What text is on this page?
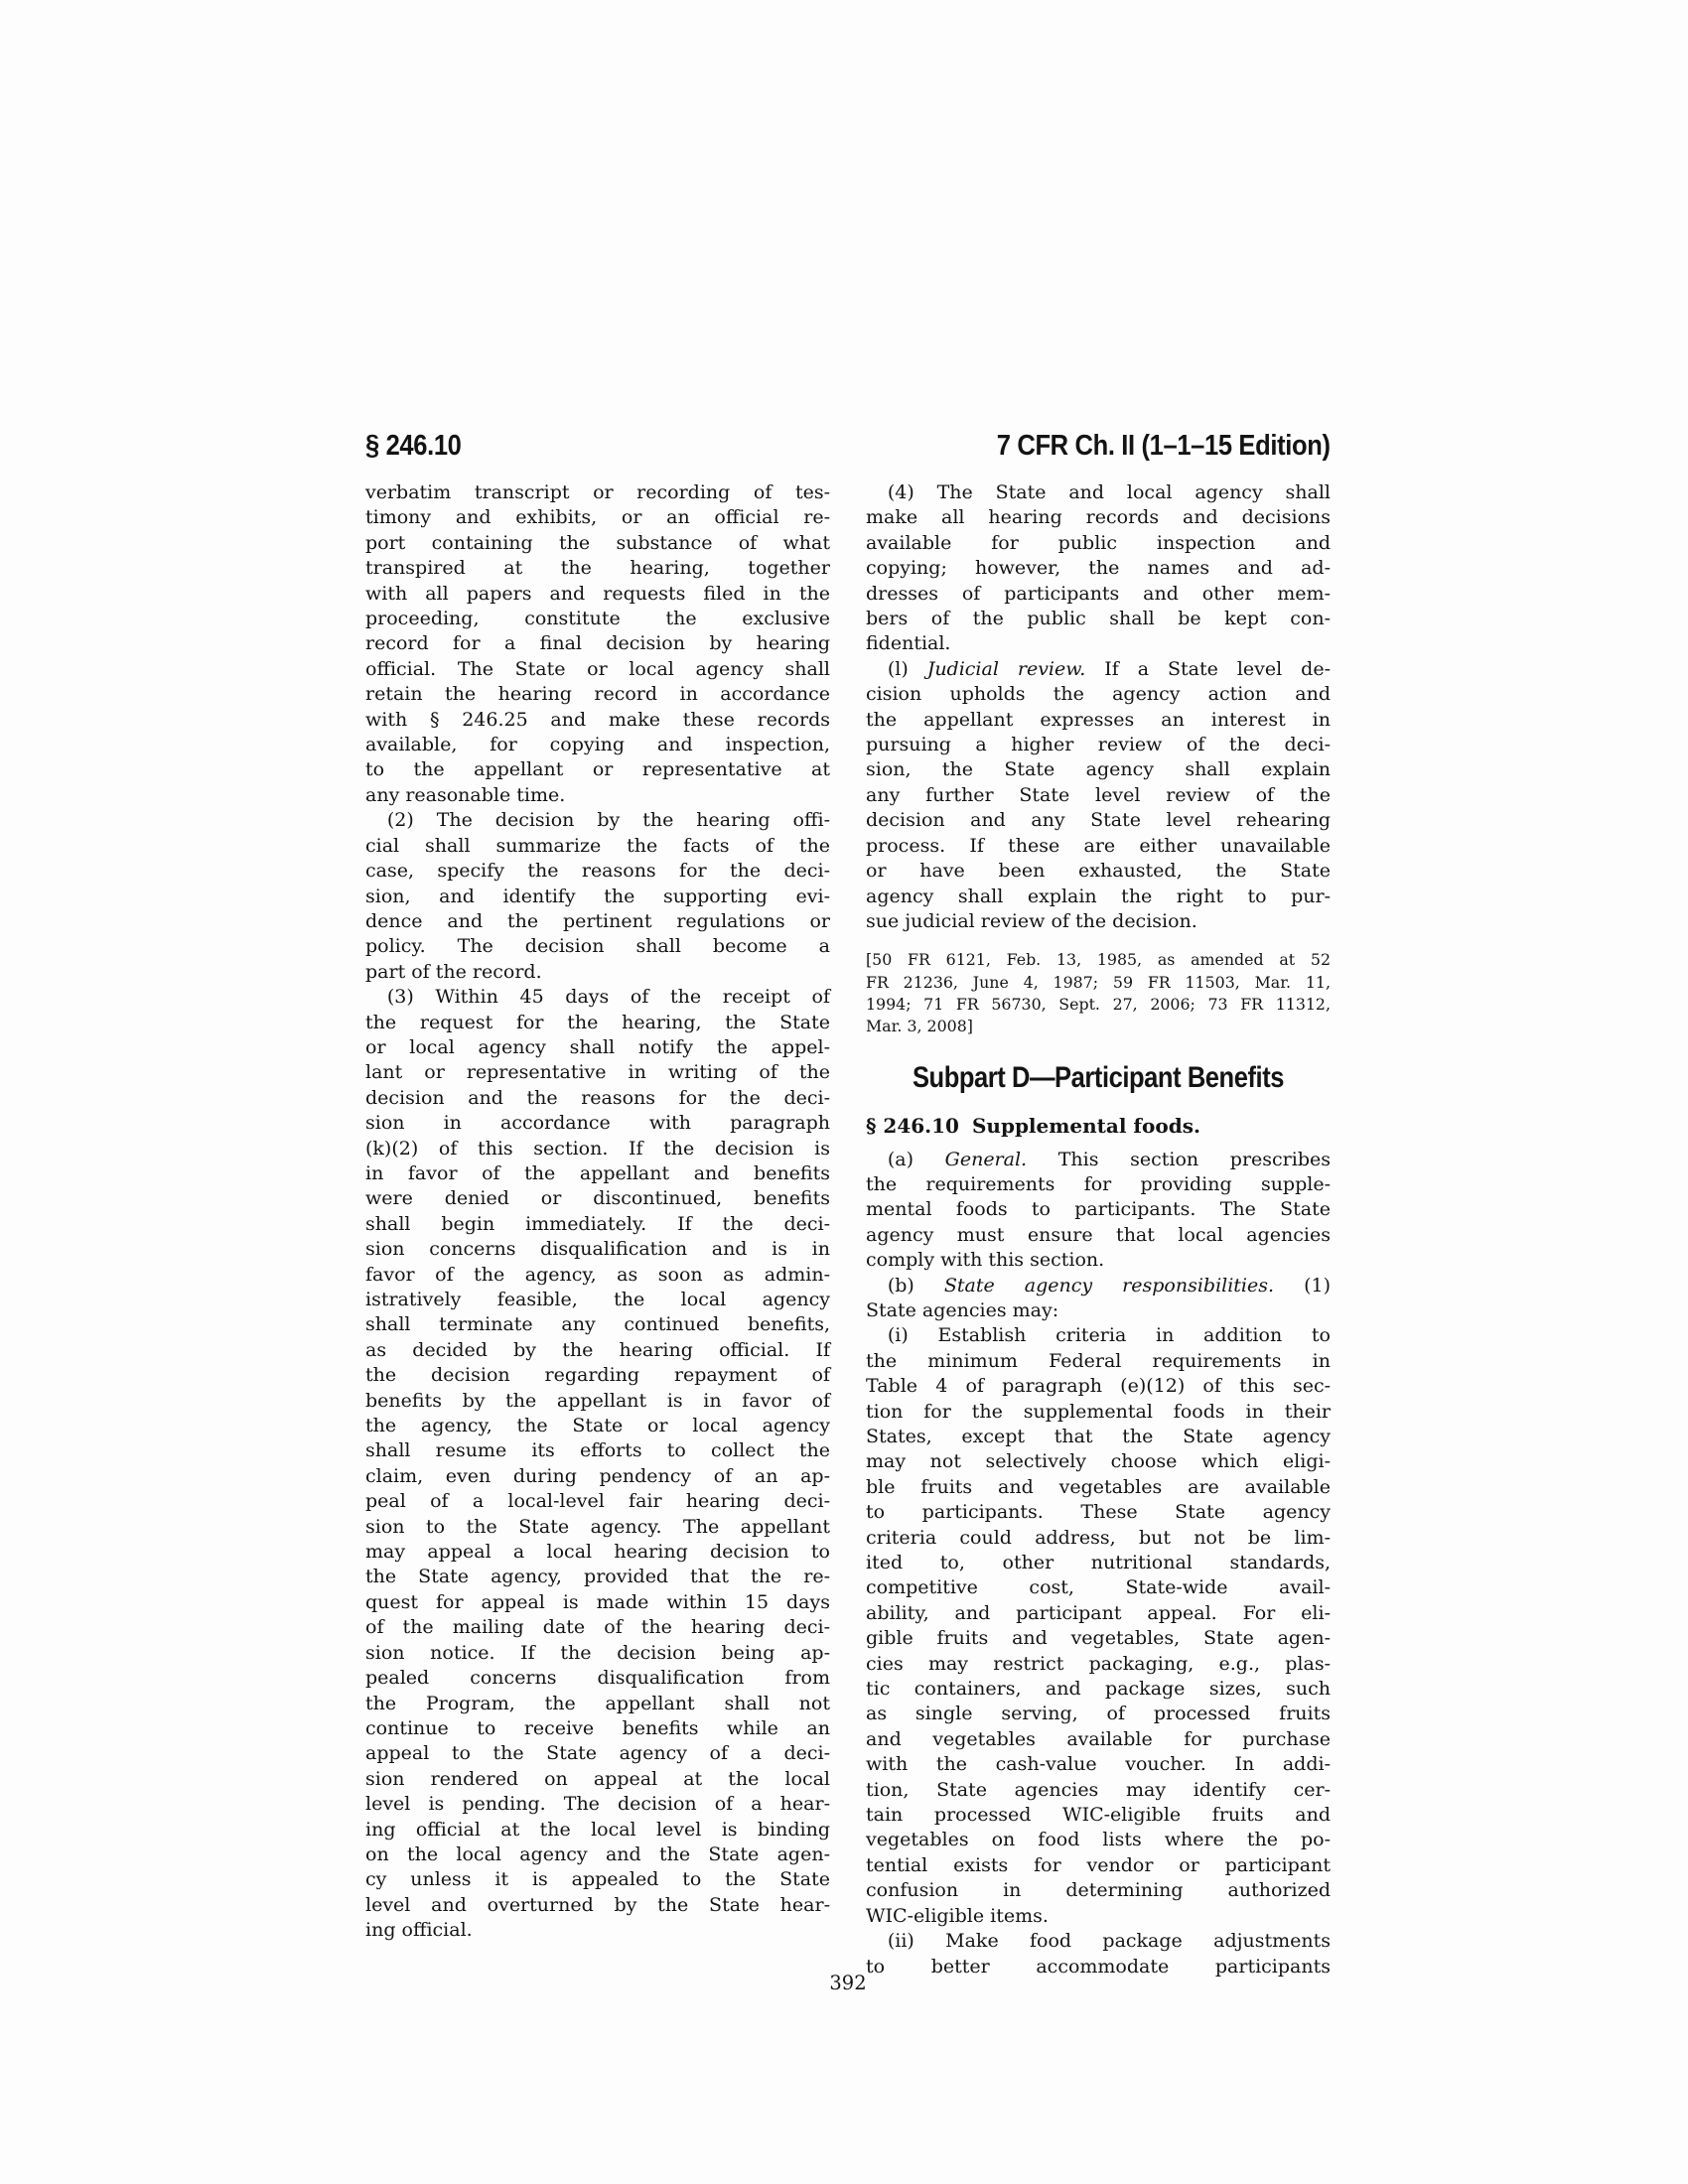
§ 246.10	7 CFR Ch. II (1–1–15 Edition)
verbatim transcript or recording of tes-
timony and exhibits, or an official re-
port containing the substance of what
transpired at the hearing, together
with all papers and requests filed in the
proceeding, constitute the exclusive
record for a final decision by hearing
official. The State or local agency shall
retain the hearing record in accordance
with § 246.25 and make these records
available, for copying and inspection,
to the appellant or representative at
any reasonable time.
(2) The decision by the hearing offi-
cial shall summarize the facts of the
case, specify the reasons for the deci-
sion, and identify the supporting evi-
dence and the pertinent regulations or
policy. The decision shall become a
part of the record.
(3) Within 45 days of the receipt of
the request for the hearing, the State
or local agency shall notify the appel-
lant or representative in writing of the
decision and the reasons for the deci-
sion in accordance with paragraph
(k)(2) of this section. If the decision is
in favor of the appellant and benefits
were denied or discontinued, benefits
shall begin immediately. If the deci-
sion concerns disqualification and is in
favor of the agency, as soon as admin-
istratively feasible, the local agency
shall terminate any continued benefits,
as decided by the hearing official. If
the decision regarding repayment of
benefits by the appellant is in favor of
the agency, the State or local agency
shall resume its efforts to collect the
claim, even during pendency of an ap-
peal of a local-level fair hearing deci-
sion to the State agency. The appellant
may appeal a local hearing decision to
the State agency, provided that the re-
quest for appeal is made within 15 days
of the mailing date of the hearing deci-
sion notice. If the decision being ap-
pealed concerns disqualification from
the Program, the appellant shall not
continue to receive benefits while an
appeal to the State agency of a deci-
sion rendered on appeal at the local
level is pending. The decision of a hear-
ing official at the local level is binding
on the local agency and the State agen-
cy unless it is appealed to the State
level and overturned by the State hear-
ing official.
(4) The State and local agency shall
make all hearing records and decisions
available for public inspection and
copying; however, the names and ad-
dresses of participants and other mem-
bers of the public shall be kept con-
fidential.
(l) Judicial review. If a State level de-
cision upholds the agency action and
the appellant expresses an interest in
pursuing a higher review of the deci-
sion, the State agency shall explain
any further State level review of the
decision and any State level rehearing
process. If these are either unavailable
or have been exhausted, the State
agency shall explain the right to pur-
sue judicial review of the decision.
[50 FR 6121, Feb. 13, 1985, as amended at 52
FR 21236, June 4, 1987; 59 FR 11503, Mar. 11,
1994; 71 FR 56730, Sept. 27, 2006; 73 FR 11312,
Mar. 3, 2008]
Subpart D—Participant Benefits
§ 246.10 Supplemental foods.
(a) General. This section prescribes
the requirements for providing supple-
mental foods to participants. The State
agency must ensure that local agencies
comply with this section.
(b) State agency responsibilities. (1)
State agencies may:
(i) Establish criteria in addition to
the minimum Federal requirements in
Table 4 of paragraph (e)(12) of this sec-
tion for the supplemental foods in their
States, except that the State agency
may not selectively choose which eligi-
ble fruits and vegetables are available
to participants. These State agency
criteria could address, but not be lim-
ited to, other nutritional standards,
competitive cost, State-wide avail-
ability, and participant appeal. For eli-
gible fruits and vegetables, State agen-
cies may restrict packaging, e.g., plas-
tic containers, and package sizes, such
as single serving, of processed fruits
and vegetables available for purchase
with the cash-value voucher. In addi-
tion, State agencies may identify cer-
tain processed WIC-eligible fruits and
vegetables on food lists where the po-
tential exists for vendor or participant
confusion in determining authorized
WIC-eligible items.
(ii) Make food package adjustments
to better accommodate participants
392
